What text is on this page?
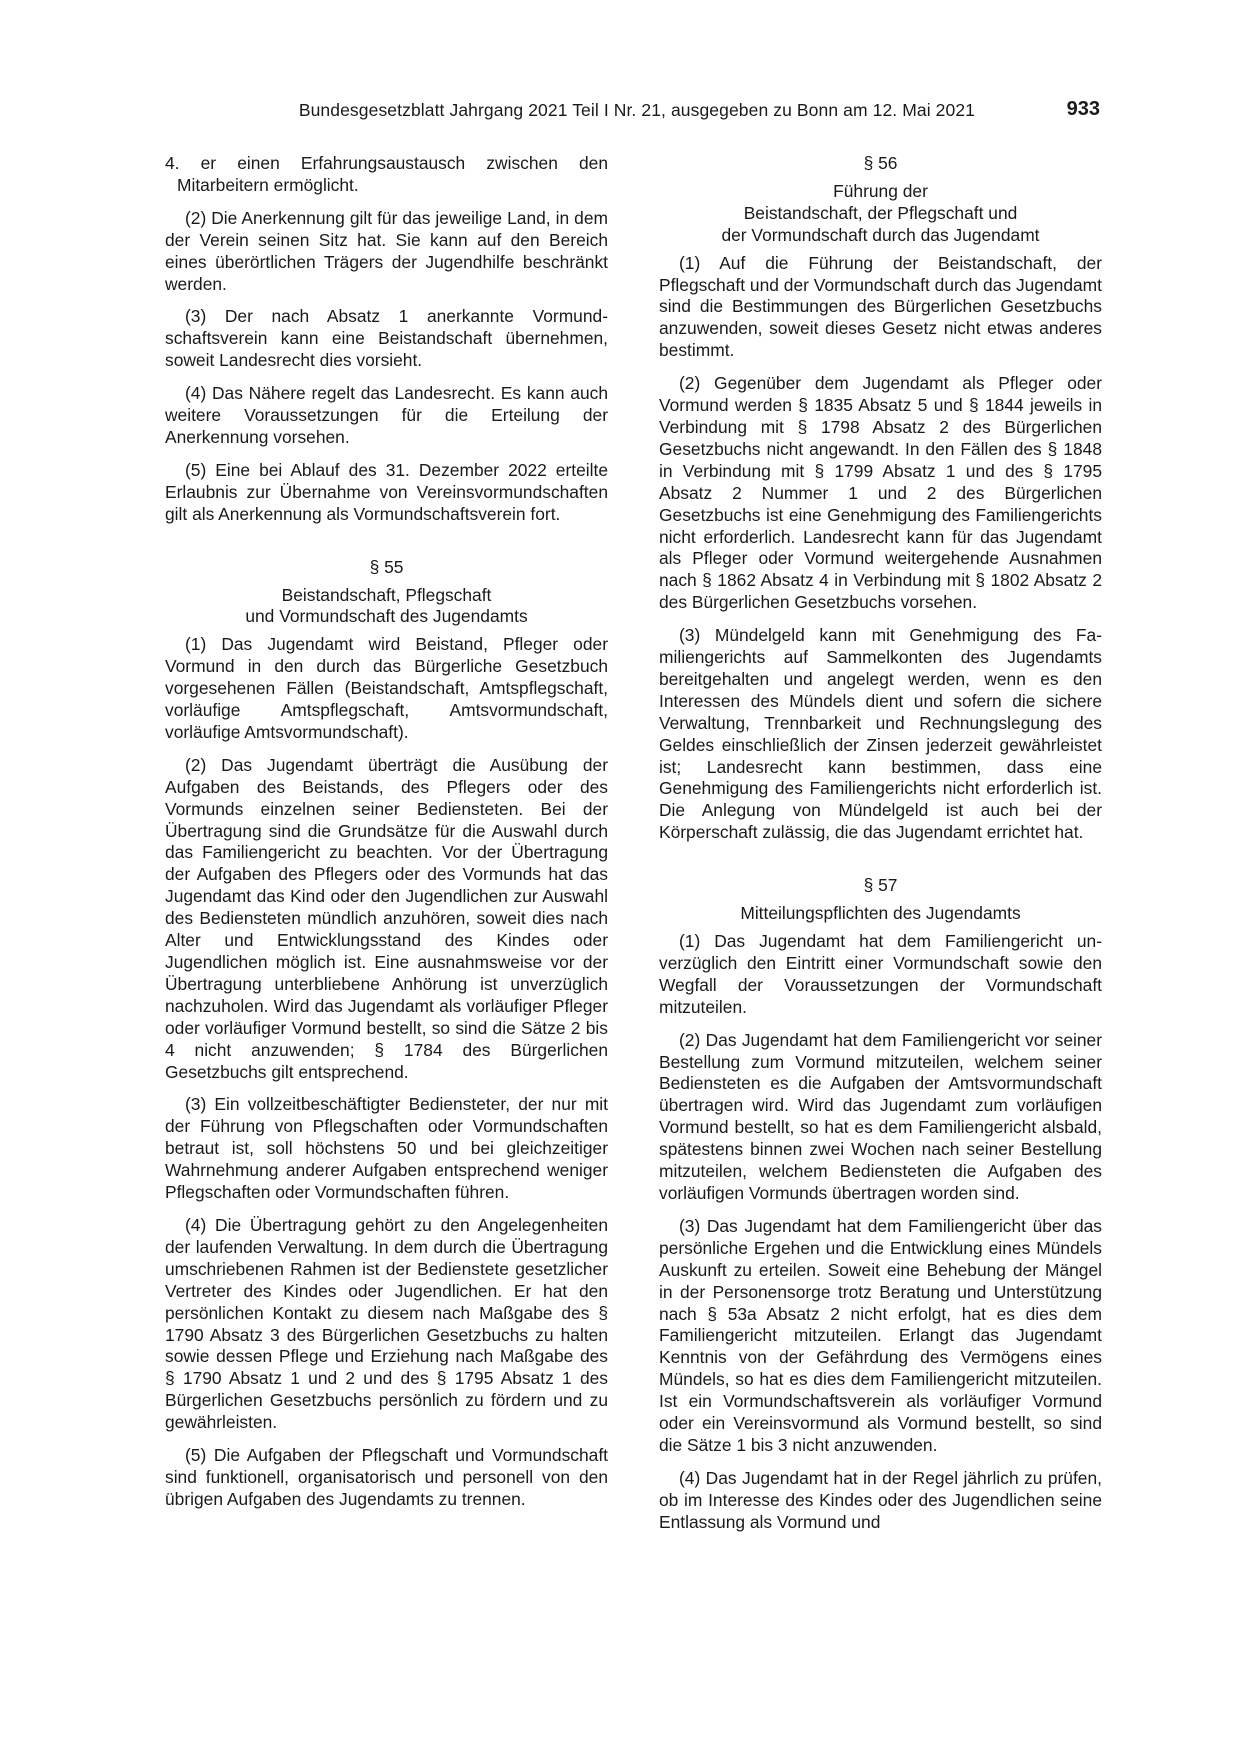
Bundesgesetzblatt Jahrgang 2021 Teil I Nr. 21, ausgegeben zu Bonn am 12. Mai 2021	933

4. er einen Erfahrungsaustausch zwischen den Mitarbeitern ermöglicht.

(2) Die Anerkennung gilt für das jeweilige Land, in dem der Verein seinen Sitz hat. Sie kann auf den Bereich eines überörtlichen Trägers der Jugendhilfe beschränkt werden.

(3) Der nach Absatz 1 anerkannte Vormundschaftsverein kann eine Beistandschaft übernehmen, soweit Landesrecht dies vorsieht.

(4) Das Nähere regelt das Landesrecht. Es kann auch weitere Voraussetzungen für die Erteilung der Anerkennung vorsehen.

(5) Eine bei Ablauf des 31. Dezember 2022 erteilte Erlaubnis zur Übernahme von Vereinsvormundschaften gilt als Anerkennung als Vormundschaftsverein fort.

§ 55
Beistandschaft, Pflegschaft
und Vormundschaft des Jugendamts

(1) Das Jugendamt wird Beistand, Pfleger oder Vormund in den durch das Bürgerliche Gesetzbuch vorgesehenen Fällen (Beistandschaft, Amtspflegschaft, vorläufige Amtspflegschaft, Amtsvormundschaft, vorläufige Amtsvormundschaft).

(2) Das Jugendamt überträgt die Ausübung der Aufgaben des Beistands, des Pflegers oder des Vormunds einzelnen seiner Bediensteten. Bei der Übertragung sind die Grundsätze für die Auswahl durch das Familiengericht zu beachten. Vor der Übertragung der Aufgaben des Pflegers oder des Vormunds hat das Jugendamt das Kind oder den Jugendlichen zur Auswahl des Bediensteten mündlich anzuhören, soweit dies nach Alter und Entwicklungsstand des Kindes oder Jugendlichen möglich ist. Eine ausnahmsweise vor der Übertragung unterbliebene Anhörung ist unverzüglich nachzuholen. Wird das Jugendamt als vorläufiger Pfleger oder vorläufiger Vormund bestellt, so sind die Sätze 2 bis 4 nicht anzuwenden; § 1784 des Bürgerlichen Gesetzbuchs gilt entsprechend.

(3) Ein vollzeitbeschäftigter Bediensteter, der nur mit der Führung von Pflegschaften oder Vormundschaften betraut ist, soll höchstens 50 und bei gleichzeitiger Wahrnehmung anderer Aufgaben entsprechend weniger Pflegschaften oder Vormundschaften führen.

(4) Die Übertragung gehört zu den Angelegenheiten der laufenden Verwaltung. In dem durch die Übertragung umschriebenen Rahmen ist der Bedienstete gesetzlicher Vertreter des Kindes oder Jugendlichen. Er hat den persönlichen Kontakt zu diesem nach Maßgabe des § 1790 Absatz 3 des Bürgerlichen Gesetzbuchs zu halten sowie dessen Pflege und Erziehung nach Maßgabe des § 1790 Absatz 1 und 2 und des § 1795 Absatz 1 des Bürgerlichen Gesetzbuchs persönlich zu fördern und zu gewährleisten.

(5) Die Aufgaben der Pflegschaft und Vormundschaft sind funktionell, organisatorisch und personell von den übrigen Aufgaben des Jugendamts zu trennen.

§ 56
Führung der
Beistandschaft, der Pflegschaft und
der Vormundschaft durch das Jugendamt

(1) Auf die Führung der Beistandschaft, der Pflegschaft und der Vormundschaft durch das Jugendamt sind die Bestimmungen des Bürgerlichen Gesetzbuchs anzuwenden, soweit dieses Gesetz nicht etwas anderes bestimmt.

(2) Gegenüber dem Jugendamt als Pfleger oder Vormund werden § 1835 Absatz 5 und § 1844 jeweils in Verbindung mit § 1798 Absatz 2 des Bürgerlichen Gesetzbuchs nicht angewandt. In den Fällen des § 1848 in Verbindung mit § 1799 Absatz 1 und des § 1795 Absatz 2 Nummer 1 und 2 des Bürgerlichen Gesetzbuchs ist eine Genehmigung des Familiengerichts nicht erforderlich. Landesrecht kann für das Jugendamt als Pfleger oder Vormund weitergehende Ausnahmen nach § 1862 Absatz 4 in Verbindung mit § 1802 Absatz 2 des Bürgerlichen Gesetzbuchs vorsehen.

(3) Mündelgeld kann mit Genehmigung des Familiengerichts auf Sammelkonten des Jugendamts bereitgehalten und angelegt werden, wenn es den Interessen des Mündels dient und sofern die sichere Verwaltung, Trennbarkeit und Rechnungslegung des Geldes einschließlich der Zinsen jederzeit gewährleistet ist; Landesrecht kann bestimmen, dass eine Genehmigung des Familiengerichts nicht erforderlich ist. Die Anlegung von Mündelgeld ist auch bei der Körperschaft zulässig, die das Jugendamt errichtet hat.

§ 57
Mitteilungspflichten des Jugendamts

(1) Das Jugendamt hat dem Familiengericht unverzüglich den Eintritt einer Vormundschaft sowie den Wegfall der Voraussetzungen der Vormundschaft mitzuteilen.

(2) Das Jugendamt hat dem Familiengericht vor seiner Bestellung zum Vormund mitzuteilen, welchem seiner Bediensteten es die Aufgaben der Amtsvormundschaft übertragen wird. Wird das Jugendamt zum vorläufigen Vormund bestellt, so hat es dem Familiengericht alsbald, spätestens binnen zwei Wochen nach seiner Bestellung mitzuteilen, welchem Bediensteten die Aufgaben des vorläufigen Vormunds übertragen worden sind.

(3) Das Jugendamt hat dem Familiengericht über das persönliche Ergehen und die Entwicklung eines Mündels Auskunft zu erteilen. Soweit eine Behebung der Mängel in der Personensorge trotz Beratung und Unterstützung nach § 53a Absatz 2 nicht erfolgt, hat es dies dem Familiengericht mitzuteilen. Erlangt das Jugendamt Kenntnis von der Gefährdung des Vermögens eines Mündels, so hat es dies dem Familiengericht mitzuteilen. Ist ein Vormundschaftsverein als vorläufiger Vormund oder ein Vereinsvormund als Vormund bestellt, so sind die Sätze 1 bis 3 nicht anzuwenden.

(4) Das Jugendamt hat in der Regel jährlich zu prüfen, ob im Interesse des Kindes oder des Jugendlichen seine Entlassung als Vormund und
